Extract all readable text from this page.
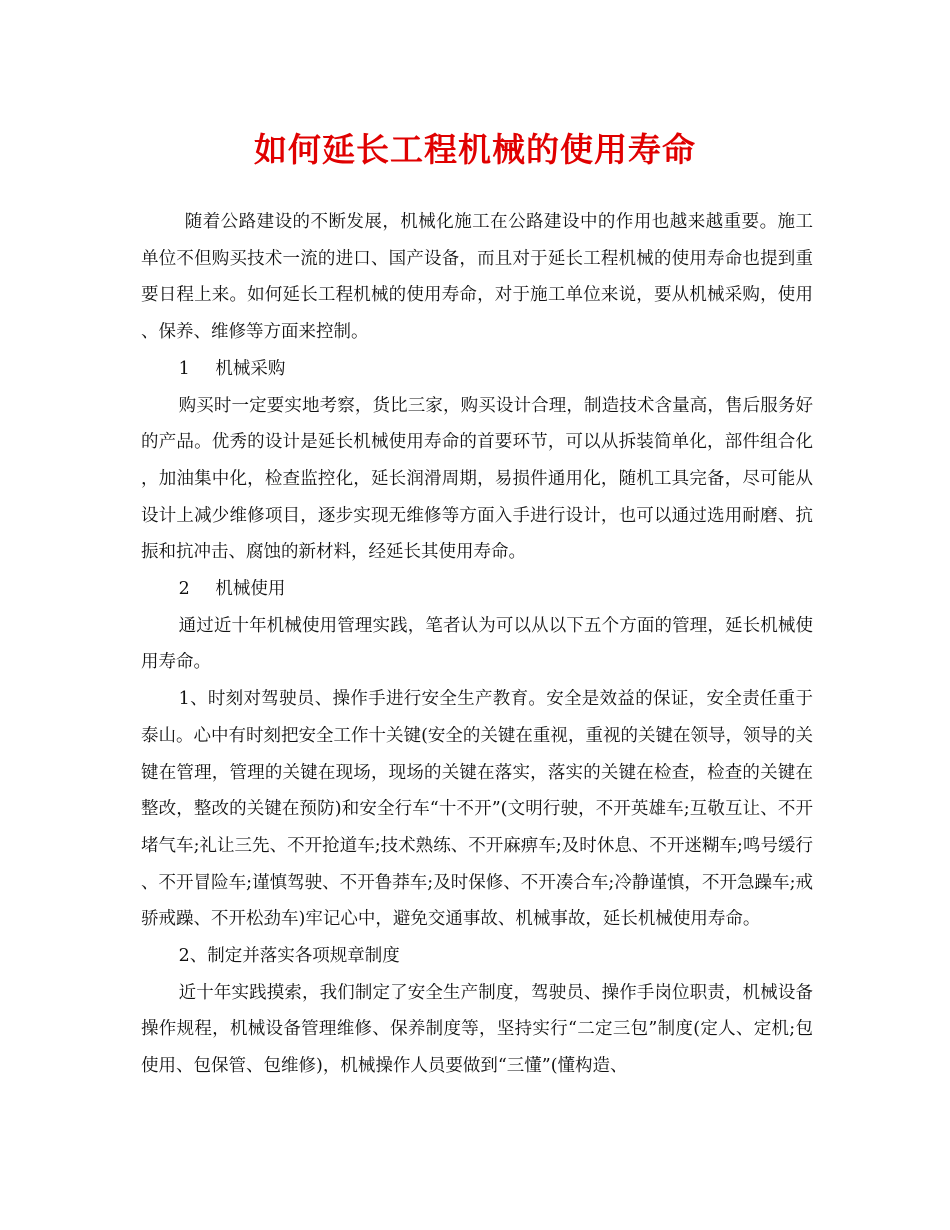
如何延长工程机械的使用寿命

随着公路建设的不断发展，机械化施工在公路建设中的作用也越来越重要。施工单位不但购买技术一流的进口、国产设备，而且对于延长工程机械的使用寿命也提到重要日程上来。如何延长工程机械的使用寿命，对于施工单位来说，要从机械采购，使用、保养、维修等方面来控制。

1 机械采购

购买时一定要实地考察，货比三家，购买设计合理，制造技术含量高，售后服务好的产品。优秀的设计是延长机械使用寿命的首要环节，可以从拆装简单化，部件组合化，加油集中化，检查监控化，延长润滑周期，易损件通用化，随机工具完备，尽可能从设计上减少维修项目，逐步实现无维修等方面入手进行设计，也可以通过选用耐磨、抗振和抗冲击、腐蚀的新材料，经延长其使用寿命。

2 机械使用

通过近十年机械使用管理实践，笔者认为可以从以下五个方面的管理，延长机械使用寿命。

1、时刻对驾驶员、操作手进行安全生产教育。安全是效益的保证，安全责任重于泰山。心中有时刻把安全工作十关键(安全的关键在重视，重视的关键在领导，领导的关键在管理，管理的关键在现场，现场的关键在落实，落实的关键在检查，检查的关键在整改，整改的关键在预防)和安全行车“十不开”(文明行驶，不开英雄车;互敬互让、不开堵气车;礼让三先、不开抢道车;技术熟练、不开麻痹车;及时休息、不开迷糊车;鸣号缓行、不开冒险车;谨慎驾驶、不开鲁莽车;及时保修、不开凑合车;冷静谨慎，不开急躁车;戒骄戒躁、不开松劲车)牢记心中，避免交通事故、机械事故，延长机械使用寿命。

2、制定并落实各项规章制度

近十年实践摸索，我们制定了安全生产制度，驾驶员、操作手岗位职责，机械设备操作规程，机械设备管理维修、保养制度等，坚持实行“二定三包”制度(定人、定机;包使用、包保管、包维修)，机械操作人员要做到“三懂”(懂构造、
